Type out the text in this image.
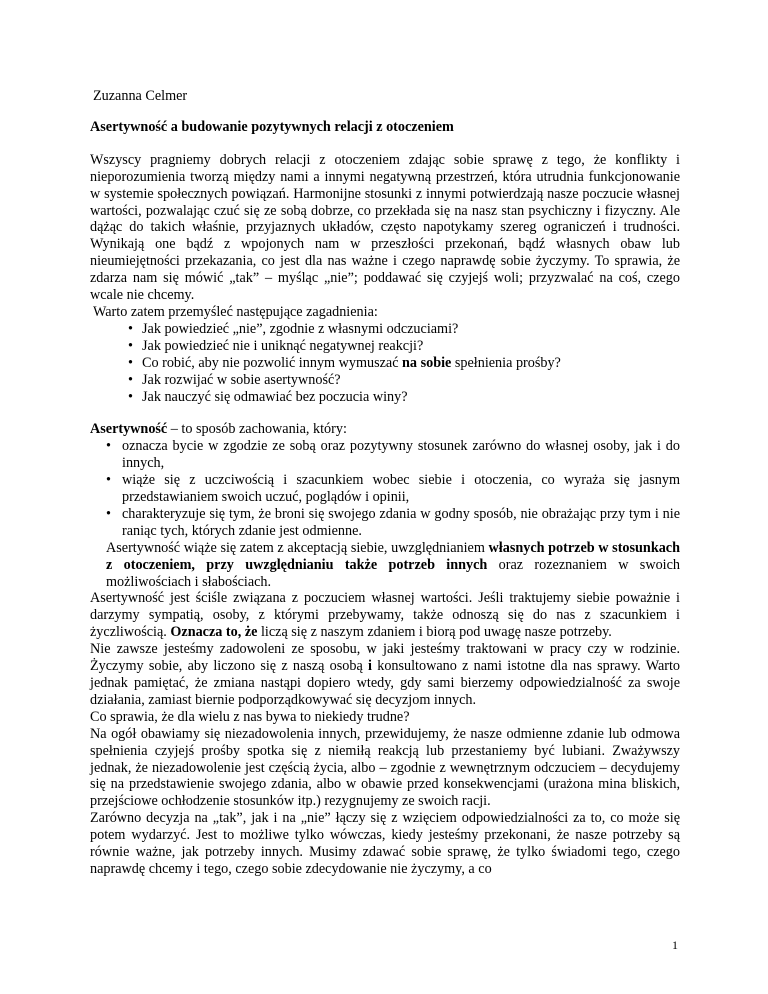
Zuzanna Celmer
Asertywność a budowanie pozytywnych relacji z otoczeniem
Wszyscy pragniemy dobrych relacji z otoczeniem zdając sobie sprawę z tego, że konflikty i nieporozumienia tworzą między nami a innymi negatywną przestrzeń, która utrudnia funkcjonowanie w systemie społecznych powiązań. Harmonijne stosunki z innymi potwierdzają nasze poczucie własnej wartości, pozwalając czuć się ze sobą dobrze, co przekłada się na nasz stan psychiczny i fizyczny. Ale dążąc do takich właśnie, przyjaznych układów, często napotykamy szereg ograniczeń i trudności. Wynikają one bądź z wpojonych nam w przeszłości przekonań, bądź własnych obaw lub nieumiejętności przekazania, co jest dla nas ważne i czego naprawdę sobie życzymy. To sprawia, że zdarza nam się mówić „tak” – myśląc „nie”; poddawać się czyjejś woli; przyzwalać na coś, czego wcale nie chcemy.
Warto zatem przemyśleć następujące zagadnienia:
• Jak powiedzieć „nie”, zgodnie z własnymi odczuciami?
• Jak powiedzieć nie i uniknąć negatywnej reakcji?
• Co robić, aby nie pozwolić innym wymuszać na sobie spełnienia prośby?
• Jak rozwijać w sobie asertywność?
• Jak nauczyć się odmawiać bez poczucia winy?
Asertywność – to sposób zachowania, który:
• oznacza bycie w zgodzie ze sobą oraz pozytywny stosunek zarówno do własnej osoby, jak i do innych,
• wiąże się z uczciwością i szacunkiem wobec siebie i otoczenia, co wyraża się jasnym przedstawianiem swoich uczuć, poglądów i opinii,
• charakteryzuje się tym, że broni się swojego zdania w godny sposób, nie obrażając przy tym i nie raniąc tych, których zdanie jest odmienne.
Asertywność wiąże się zatem z akceptacją siebie, uwzględnianiem własnych potrzeb w stosunkach z otoczeniem, przy uwzględnianiu także potrzeb innych oraz rozeznaniem w swoich możliwościach i słabościach.
Asertywność jest ściśle związana z poczuciem własnej wartości. Jeśli traktujemy siebie poważnie i darzymy sympatią, osoby, z którymi przebywamy, także odnoszą się do nas z szacunkiem i życzliwością. Oznacza to, że liczą się z naszym zdaniem i biorą pod uwagę nasze potrzeby.
Nie zawsze jesteśmy zadowoleni ze sposobu, w jaki jesteśmy traktowani w pracy czy w rodzinie. Życzymy sobie, aby liczono się z naszą osobą i konsultowano z nami istotne dla nas sprawy. Warto jednak pamiętać, że zmiana nastąpi dopiero wtedy, gdy sami bierzemy odpowiedzialność za swoje działania, zamiast biernie podporządkowywać się decyzjom innych.
Co sprawia, że dla wielu z nas bywa to niekiedy trudne?
Na ogół obawiamy się niezadowolenia innych, przewidujemy, że nasze odmienne zdanie lub odmowa spełnienia czyjejś prośby spotka się z niemiłą reakcją lub przestaniemy być lubiani. Zważywszy jednak, że niezadowolenie jest częścią życia, albo – zgodnie z wewnętrznym odczuciem – decydujemy się na przedstawienie swojego zdania, albo w obawie przed konsekwencjami (urażona mina bliskich, przejściowe ochłodzenie stosunków itp.) rezygnujemy ze swoich racji.
Zarówno decyzja na „tak”, jak i na „nie” łączy się z wzięciem odpowiedzialności za to, co może się potem wydarzyć. Jest to możliwe tylko wówczas, kiedy jesteśmy przekonani, że nasze potrzeby są równie ważne, jak potrzeby innych. Musimy zdawać sobie sprawę, że tylko świadomi tego, czego naprawdę chcemy i tego, czego sobie zdecydowanie nie życzymy, a co
1
